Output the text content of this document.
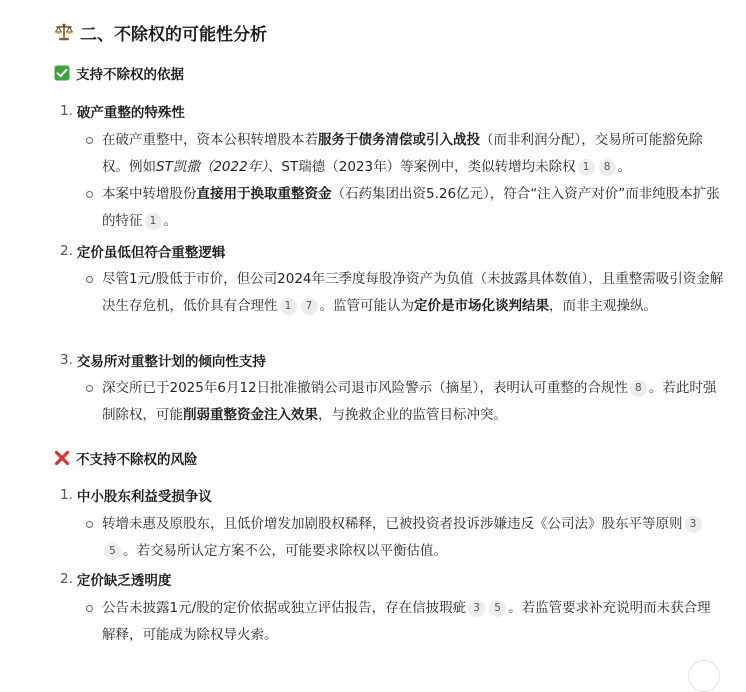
二、不除权的可能性分析
支持不除权的依据
1. 破产重整的特殊性
在破产重整中，资本公积转增股本若服务于债务清偿或引入战投（而非利润分配），交易所可能豁免除权。例如ST凯撒（2022年）、ST瑞德（2023年）等案例中，类似转增均未除权 1 8 。
本案中转增股份直接用于换取重整资金（石药集团出资5.26亿元），符合“注入资产对价”而非纯股本扩张的特征 1 。
2. 定价虽低但符合重整逻辑
尽管1元/股低于市价，但公司2024年三季度每股净资产为负值（未披露具体数值），且重整需吸引资金解决生存危机，低价具有合理性 1 7 。监管可能认为定价是市场化谈判结果，而非主观操纵。
3. 交易所对重整计划的倾向性支持
深交所已于2025年6月12日批准撤销公司退市风险警示（摘星），表明认可重整的合规性 8 。若此时强制除权，可能削弱重整资金注入效果，与挽救企业的监管目标冲突。
不支持不除权的风险
1. 中小股东利益受损争议
转增未惠及原股东，且低价增发加剧股权稀释，已被投资者投诉涉嫌违反《公司法》股东平等原则 35 。若交易所认定方案不公，可能要求除权以平衡估值。
2. 定价缺乏透明度
公告未披露1元/股的定价依据或独立评估报告，存在信披瑕疵 3 5 。若监管要求补充说明而未获合理解释，可能成为除权导火索。
